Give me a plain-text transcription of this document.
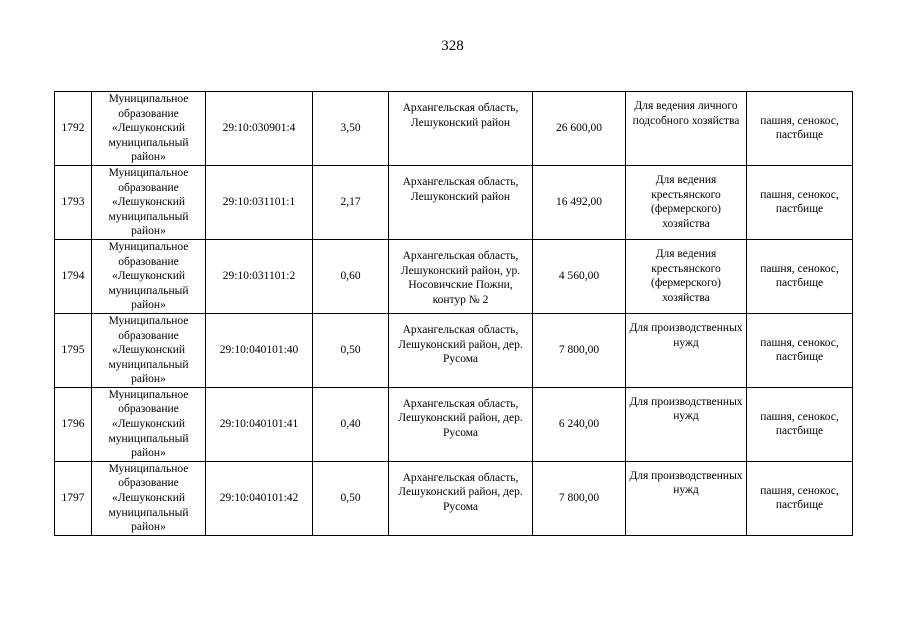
328
1792	Муниципальное образование «Лешуконский муниципальный район»	29:10:030901:4	3,50	Архангельская область, Лешуконский район	26 600,00	Для ведения личного подсобного хозяйства	пашня, сенокос, пастбище

1793	Муниципальное образование «Лешуконский муниципальный район»	29:10:031101:1	2,17	Архангельская область, Лешуконский район	16 492,00	Для ведения крестьянского (фермерского) хозяйства	пашня, сенокос, пастбище

1794	Муниципальное образование «Лешуконский муниципальный район»	29:10:031101:2	0,60	Архангельская область, Лешуконский район, ур. Носовичские Пожни, контур № 2	4 560,00	Для ведения крестьянского (фермерского) хозяйства	пашня, сенокос, пастбище

1795	Муниципальное образование «Лешуконский муниципальный район»	29:10:040101:40	0,50	Архангельская область, Лешуконский район, дер. Русома	7 800,00	Для производственных нужд	пашня, сенокос, пастбище

1796	Муниципальное образование «Лешуконский муниципальный район»	29:10:040101:41	0,40	Архангельская область, Лешуконский район, дер. Русома	6 240,00	Для производственных нужд	пашня, сенокос, пастбище

1797	Муниципальное образование «Лешуконский муниципальный район»	29:10:040101:42	0,50	Архангельская область, Лешуконский район, дер. Русома	7 800,00	Для производственных нужд	пашня, сенокос, пастбище
